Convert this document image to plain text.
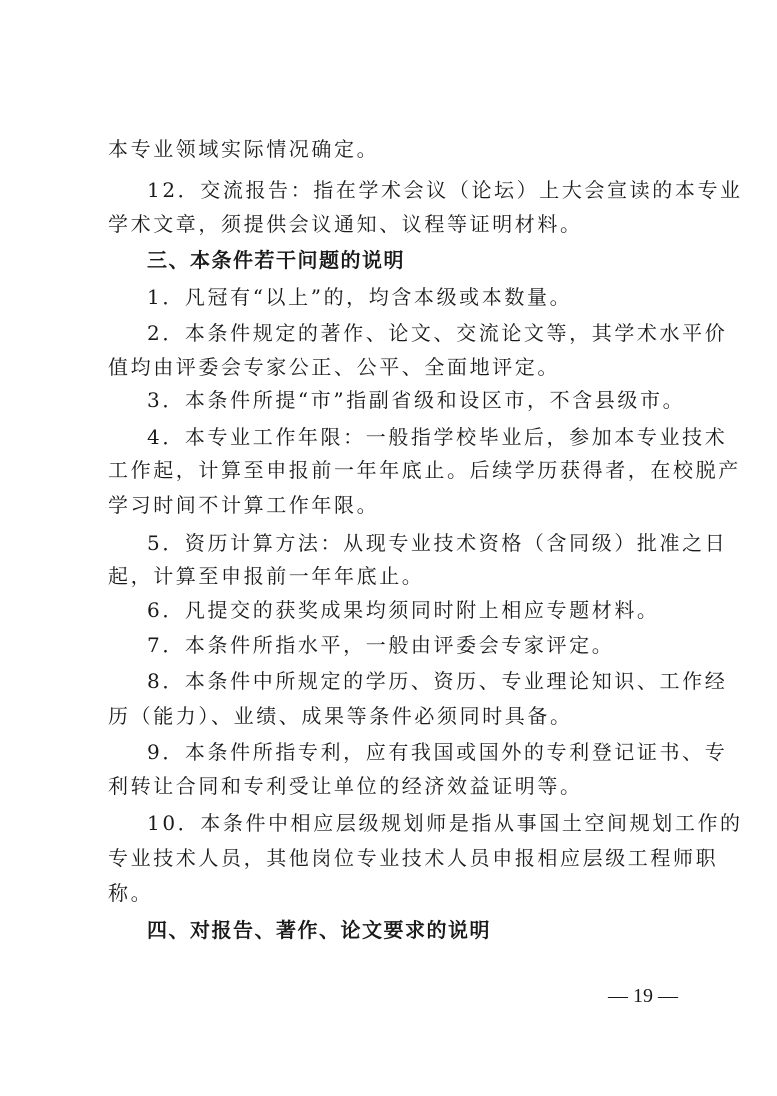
本专业领域实际情况确定。
12．交流报告：指在学术会议（论坛）上大会宣读的本专业
学术文章，须提供会议通知、议程等证明材料。
三、本条件若干问题的说明
1．凡冠有“以上”的，均含本级或本数量。
2．本条件规定的著作、论文、交流论文等，其学术水平价
值均由评委会专家公正、公平、全面地评定。
3．本条件所提“市”指副省级和设区市，不含县级市。
4．本专业工作年限：一般指学校毕业后，参加本专业技术
工作起，计算至申报前一年年底止。后续学历获得者，在校脱产
学习时间不计算工作年限。
5．资历计算方法：从现专业技术资格（含同级）批准之日
起，计算至申报前一年年底止。
6．凡提交的获奖成果均须同时附上相应专题材料。
7．本条件所指水平，一般由评委会专家评定。
8．本条件中所规定的学历、资历、专业理论知识、工作经
历（能力）、业绩、成果等条件必须同时具备。
9．本条件所指专利，应有我国或国外的专利登记证书、专
利转让合同和专利受让单位的经济效益证明等。
10．本条件中相应层级规划师是指从事国土空间规划工作的
专业技术人员，其他岗位专业技术人员申报相应层级工程师职
称。
四、对报告、著作、论文要求的说明
— 19 —
